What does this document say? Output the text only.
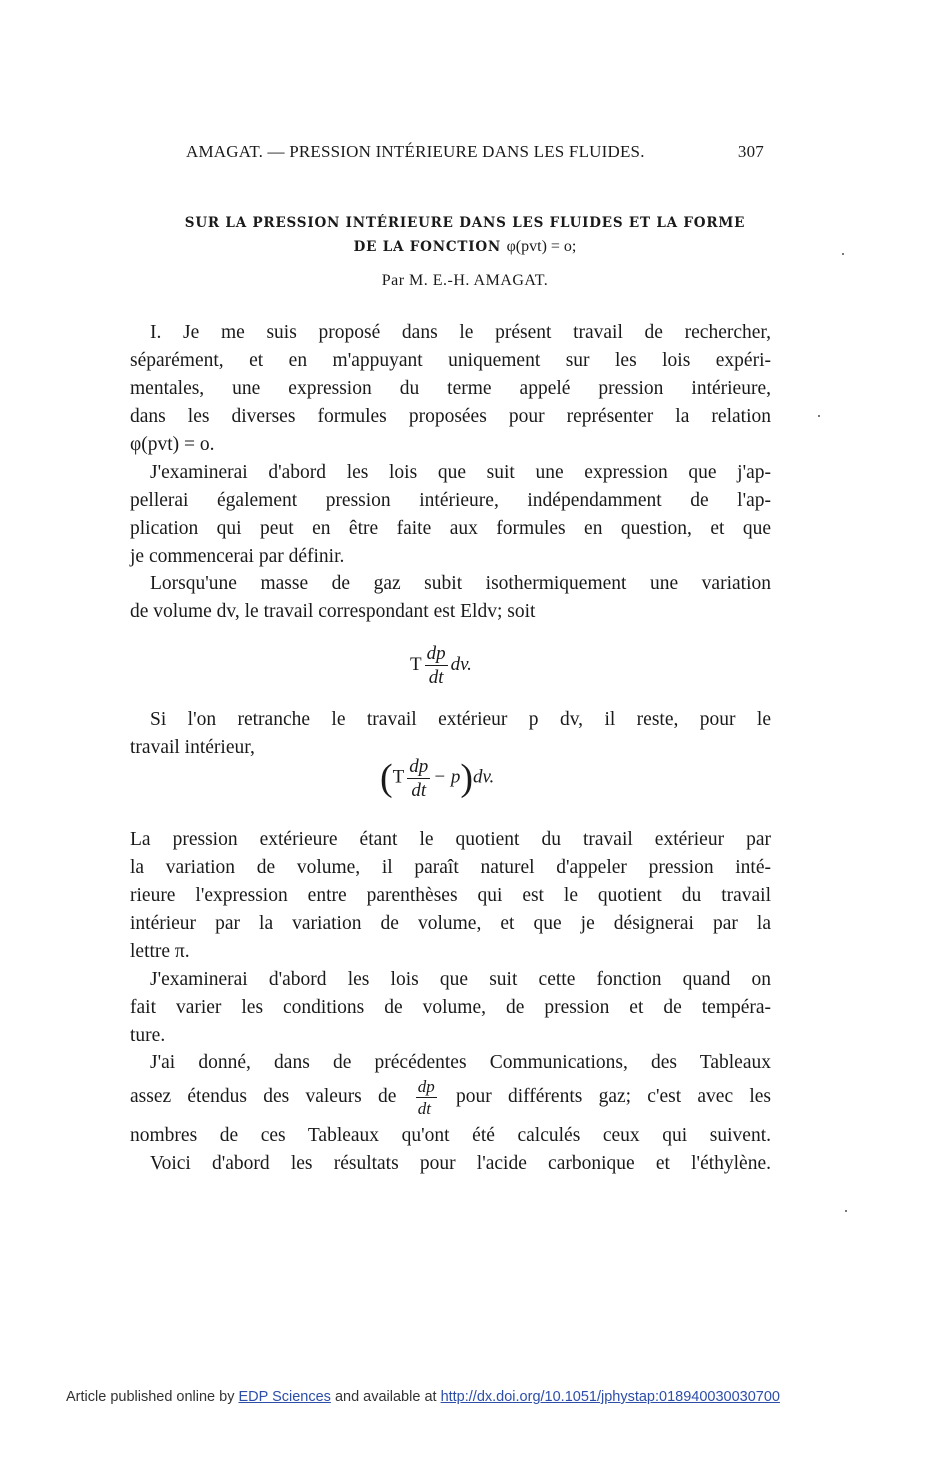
AMAGAT. — PRESSION INTÉRIEURE DANS LES FLUIDES.	307
SUR LA PRESSION INTÉRIEURE DANS LES FLUIDES ET LA FORME
DE LA FONCTION φ(pvt) = o;
Par M. E.-H. AMAGAT.
I. Je me suis proposé dans le présent travail de rechercher,
séparément, et en m'appuyant uniquement sur les lois expéri-
mentales, une expression du terme appelé pression intérieure,
dans les diverses formules proposées pour représenter la relation
φ(pvt) = o.
J'examinerai d'abord les lois que suit une expression que j'ap-
pellerai également pression intérieure, indépendamment de l'ap-
plication qui peut en être faite aux formules en question, et que
je commencerai par définir.
Lorsqu'une masse de gaz subit isothermiquement une variation
de volume dv, le travail correspondant est Eldv; soit
T $\frac{dp}{dt}$ dv.
Si l'on retranche le travail extérieur p dv, il reste, pour le
travail intérieur,
$(T \frac{dp}{dt} - p)dv$.
La pression extérieure étant le quotient du travail extérieur par
la variation de volume, il paraît naturel d'appeler pression inté-
rieure l'expression entre parenthèses qui est le quotient du travail
intérieur par la variation de volume, et que je désignerai par la
lettre π.
J'examinerai d'abord les lois que suit cette fonction quand on
fait varier les conditions de volume, de pression et de tempéra-
ture.
J'ai donné, dans de précédentes Communications, des Tableaux
assez étendus des valeurs de $\frac{dp}{dt}$ pour différents gaz; c'est avec les
nombres de ces Tableaux qu'ont été calculés ceux qui suivent.
Voici d'abord les résultats pour l'acide carbonique et l'éthylène.
Article published online by EDP Sciences and available at http://dx.doi.org/10.1051/jphystap:018940030030700
